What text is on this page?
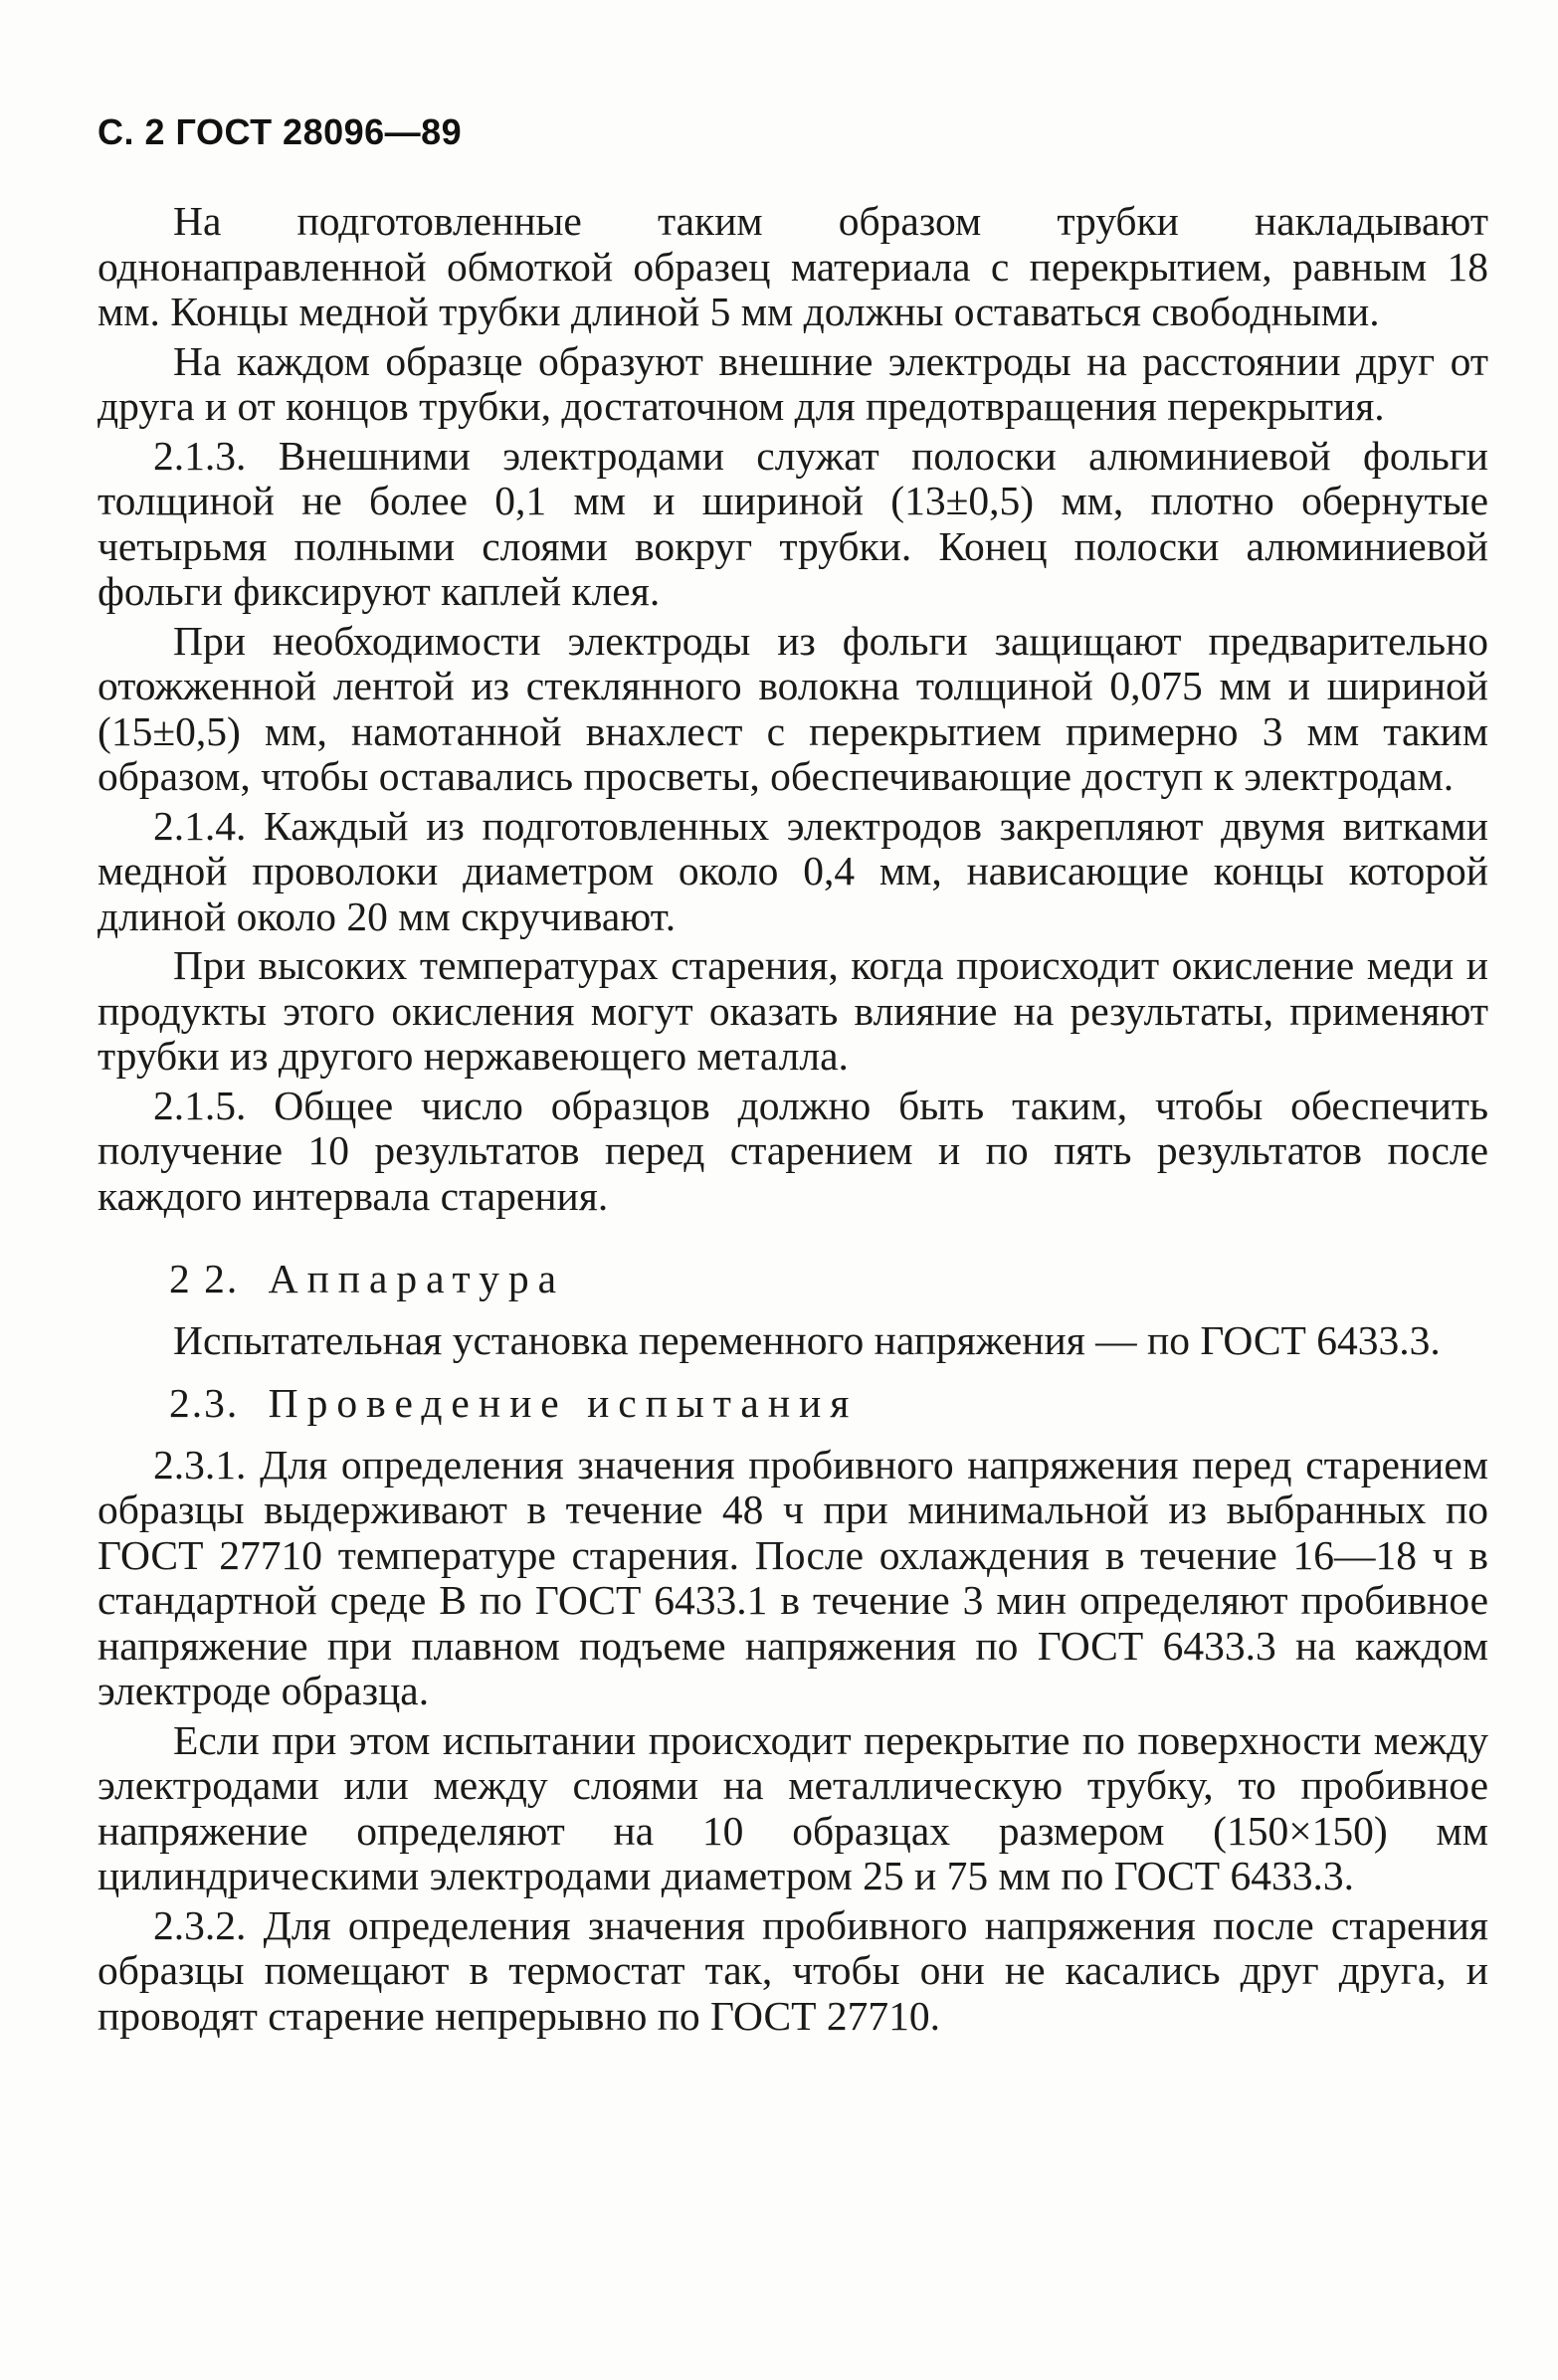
С. 2 ГОСТ 28096—89

На подготовленные таким образом трубки накладывают однонаправленной обмоткой образец материала с перекрытием, равным 18 мм. Концы медной трубки длиной 5 мм должны оставаться свободными.

На каждом образце образуют внешние электроды на расстоянии друг от друга и от концов трубки, достаточном для предотвращения перекрытия.

2.1.3. Внешними электродами служат полоски алюминиевой фольги толщиной не более 0,1 мм и шириной (13±0,5) мм, плотно обернутые четырьмя полными слоями вокруг трубки. Конец полоски алюминиевой фольги фиксируют каплей клея.

При необходимости электроды из фольги защищают предварительно отожженной лентой из стеклянного волокна толщиной 0,075 мм и шириной (15±0,5) мм, намотанной внахлест с перекрытием примерно 3 мм таким образом, чтобы оставались просветы, обеспечивающие доступ к электродам.

2.1.4. Каждый из подготовленных электродов закрепляют двумя витками медной проволоки диаметром около 0,4 мм, нависающие концы которой длиной около 20 мм скручивают.

При высоких температурах старения, когда происходит окисление меди и продукты этого окисления могут оказать влияние на результаты, применяют трубки из другого нержавеющего металла.

2.1.5. Общее число образцов должно быть таким, чтобы обеспечить получение 10 результатов перед старением и по пять результатов после каждого интервала старения.

2 2. Аппаратура

Испытательная установка переменного напряжения — по ГОСТ 6433.3.

2.3. Проведение испытания

2.3.1. Для определения значения пробивного напряжения перед старением образцы выдерживают в течение 48 ч при минимальной из выбранных по ГОСТ 27710 температуре старения. После охлаждения в течение 16—18 ч в стандартной среде В по ГОСТ 6433.1 в течение 3 мин определяют пробивное напряжение при плавном подъеме напряжения по ГОСТ 6433.3 на каждом электроде образца.

Если при этом испытании происходит перекрытие по поверхности между электродами или между слоями на металлическую трубку, то пробивное напряжение определяют на 10 образцах размером (150×150) мм цилиндрическими электродами диаметром 25 и 75 мм по ГОСТ 6433.3.

2.3.2. Для определения значения пробивного напряжения после старения образцы помещают в термостат так, чтобы они не касались друг друга, и проводят старение непрерывно по ГОСТ 27710.
